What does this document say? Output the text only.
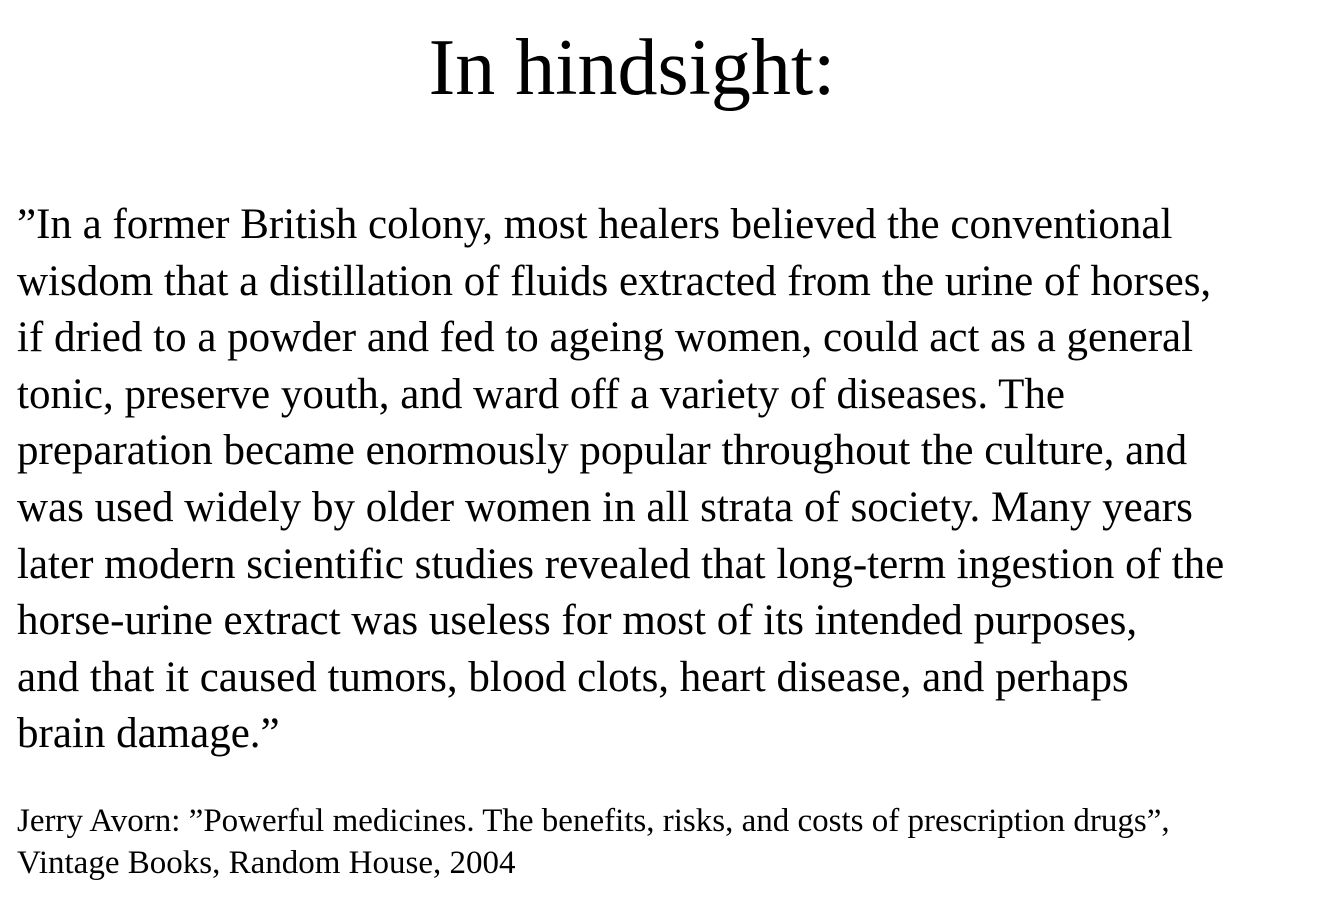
In hindsight:
”In a former British colony, most healers believed the conventional
wisdom that a distillation of fluids extracted from the urine of horses,
if dried to a powder and fed to ageing women, could act as a general
tonic, preserve youth, and ward off a variety of diseases. The
preparation became enormously popular throughout the culture, and
was used widely by older women in all strata of society. Many years
later modern scientific studies revealed that long-term ingestion of the
horse-urine extract was useless for most of its intended purposes,
and that it caused tumors, blood clots, heart disease, and perhaps
brain damage.”
Jerry Avorn: ”Powerful medicines. The benefits, risks, and costs of prescription drugs”,
Vintage Books, Random House, 2004
